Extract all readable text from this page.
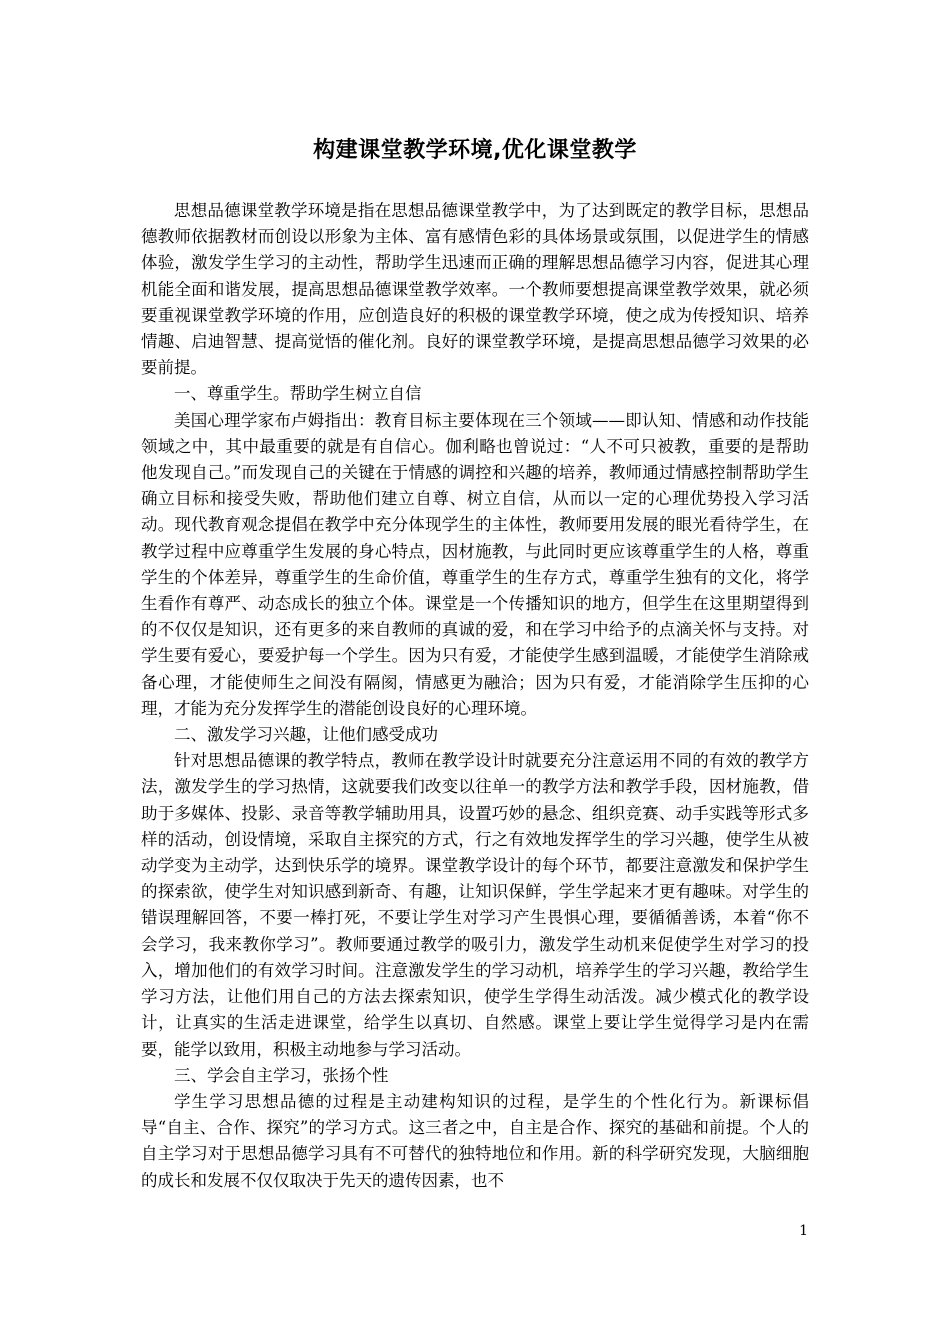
构建课堂教学环境,优化课堂教学

思想品德课堂教学环境是指在思想品德课堂教学中，为了达到既定的教学目标，思想品德教师依据教材而创设以形象为主体、富有感情色彩的具体场景或氛围，以促进学生的情感体验，激发学生学习的主动性，帮助学生迅速而正确的理解思想品德学习内容，促进其心理机能全面和谐发展，提高思想品德课堂教学效率。一个教师要想提高课堂教学效果，就必须要重视课堂教学环境的作用，应创造良好的积极的课堂教学环境，使之成为传授知识、培养情趣、启迪智慧、提高觉悟的催化剂。良好的课堂教学环境，是提高思想品德学习效果的必要前提。

一、尊重学生。帮助学生树立自信

美国心理学家布卢姆指出：教育目标主要体现在三个领域——即认知、情感和动作技能领域之中，其中最重要的就是有自信心。伽利略也曾说过：“人不可只被教，重要的是帮助他发现自己。”而发现自己的关键在于情感的调控和兴趣的培养，教师通过情感控制帮助学生确立目标和接受失败，帮助他们建立自尊、树立自信，从而以一定的心理优势投入学习活动。现代教育观念提倡在教学中充分体现学生的主体性，教师要用发展的眼光看待学生，在教学过程中应尊重学生发展的身心特点，因材施教，与此同时更应该尊重学生的人格，尊重学生的个体差异，尊重学生的生命价值，尊重学生的生存方式，尊重学生独有的文化，将学生看作有尊严、动态成长的独立个体。课堂是一个传播知识的地方，但学生在这里期望得到的不仅仅是知识，还有更多的来自教师的真诚的爱，和在学习中给予的点滴关怀与支持。对学生要有爱心，要爱护每一个学生。因为只有爱，才能使学生感到温暖，才能使学生消除戒备心理，才能使师生之间没有隔阂，情感更为融洽；因为只有爱，才能消除学生压抑的心理，才能为充分发挥学生的潜能创设良好的心理环境。

二、激发学习兴趣，让他们感受成功

针对思想品德课的教学特点，教师在教学设计时就要充分注意运用不同的有效的教学方法，激发学生的学习热情，这就要我们改变以往单一的教学方法和教学手段，因材施教，借助于多媒体、投影、录音等教学辅助用具，设置巧妙的悬念、组织竞赛、动手实践等形式多样的活动，创设情境，采取自主探究的方式，行之有效地发挥学生的学习兴趣，使学生从被动学变为主动学，达到快乐学的境界。课堂教学设计的每个环节，都要注意激发和保护学生的探索欲，使学生对知识感到新奇、有趣，让知识保鲜，学生学起来才更有趣味。对学生的错误理解回答，不要一棒打死，不要让学生对学习产生畏惧心理，要循循善诱，本着“你不会学习，我来教你学习”。教师要通过教学的吸引力，激发学生动机来促使学生对学习的投入，增加他们的有效学习时间。注意激发学生的学习动机，培养学生的学习兴趣，教给学生学习方法，让他们用自己的方法去探索知识，使学生学得生动活泼。减少模式化的教学设计，让真实的生活走进课堂，给学生以真切、自然感。课堂上要让学生觉得学习是内在需要，能学以致用，积极主动地参与学习活动。

三、学会自主学习，张扬个性

学生学习思想品德的过程是主动建构知识的过程，是学生的个性化行为。新课标倡导“自主、合作、探究”的学习方式。这三者之中，自主是合作、探究的基础和前提。个人的自主学习对于思想品德学习具有不可替代的独特地位和作用。新的科学研究发现，大脑细胞的成长和发展不仅仅取决于先天的遗传因素，也不

1
